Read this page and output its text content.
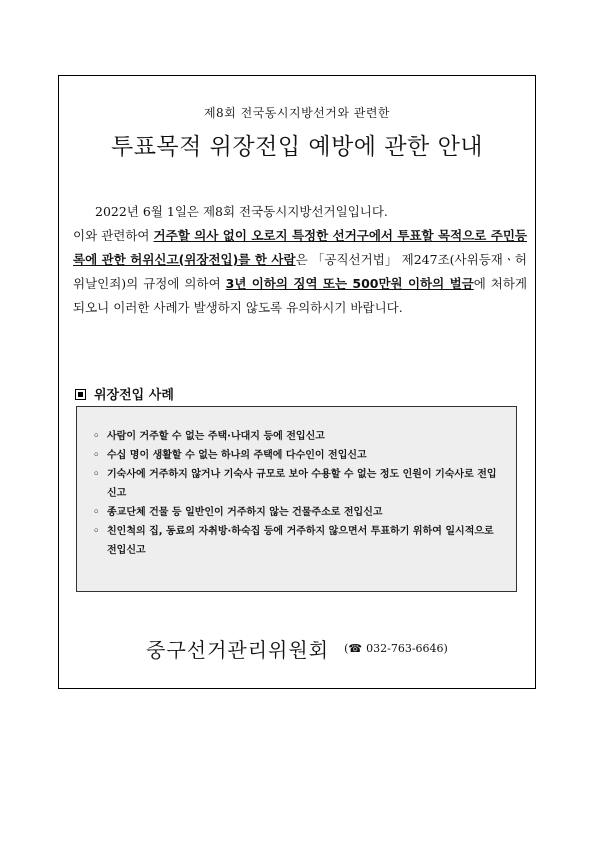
제8회 전국동시지방선거와 관련한
투표목적 위장전입 예방에 관한 안내

2022년 6월 1일은 제8회 전국동시지방선거일입니다.

이와 관련하여 거주할 의사 없이 오로지 특정한 선거구에서 투표할 목적으로 주민등록에 관한 허위신고(위장전입)를 한 사람은 「공직선거법」 제247조(사위등재ㆍ허위날인죄)의 규정에 의하여 3년 이하의 징역 또는 500만원 이하의 벌금에 처하게 되오니 이러한 사례가 발생하지 않도록 유의하시기 바랍니다.

위장전입 사례
◦ 사람이 거주할 수 없는 주택·나대지 등에 전입신고
◦ 수십 명이 생활할 수 없는 하나의 주택에 다수인이 전입신고
◦ 기숙사에 거주하지 않거나 기숙사 규모로 보아 수용할 수 없는 정도 인원이 기숙사로 전입신고
◦ 종교단체 건물 등 일반인이 거주하지 않는 건물주소로 전입신고
◦ 친인척의 집, 동료의 자취방·하숙집 등에 거주하지 않으면서 투표하기 위하여 일시적으로 전입신고
중구선거관리위원회 (☎ 032-763-6646)
